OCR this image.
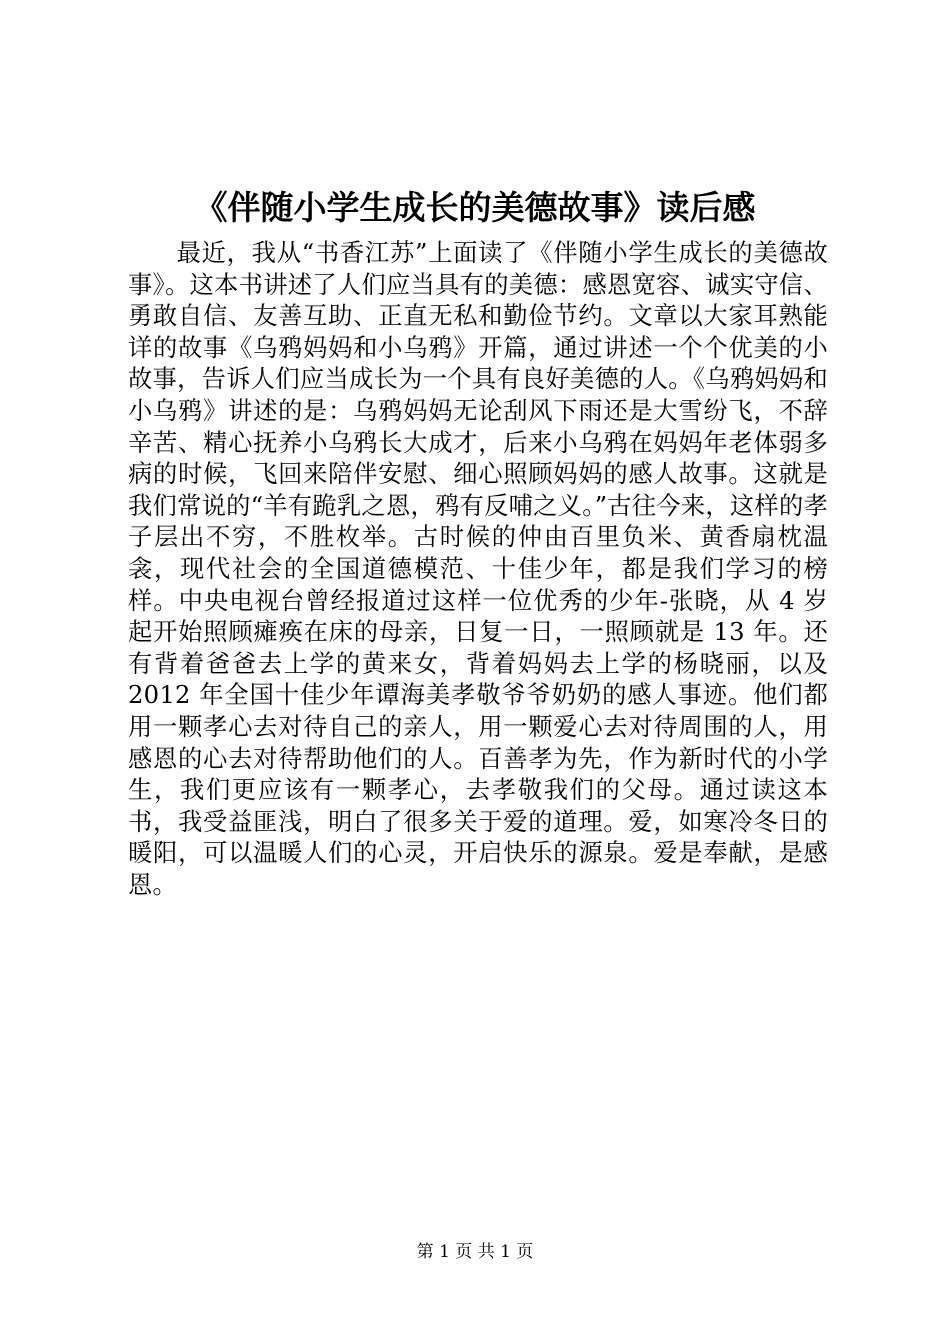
《伴随小学生成长的美德故事》读后感

最近，我从“书香江苏”上面读了《伴随小学生成长的美德故事》。这本书讲述了人们应当具有的美德：感恩宽容、诚实守信、勇敢自信、友善互助、正直无私和勤俭节约。文章以大家耳熟能详的故事《乌鸦妈妈和小乌鸦》开篇，通过讲述一个个优美的小故事，告诉人们应当成长为一个具有良好美德的人。《乌鸦妈妈和小乌鸦》讲述的是：乌鸦妈妈无论刮风下雨还是大雪纷飞，不辞辛苦、精心抚养小乌鸦长大成才，后来小乌鸦在妈妈年老体弱多病的时候，飞回来陪伴安慰、细心照顾妈妈的感人故事。这就是我们常说的“羊有跪乳之恩，鸦有反哺之义。”古往今来，这样的孝子层出不穷，不胜枚举。古时候的仲由百里负米、黄香扇枕温衾，现代社会的全国道德模范、十佳少年，都是我们学习的榜样。中央电视台曾经报道过这样一位优秀的少年-张晓，从 4 岁起开始照顾瘫痪在床的母亲，日复一日，一照顾就是 13 年。还有背着爸爸去上学的黄来女，背着妈妈去上学的杨晓丽，以及 2012 年全国十佳少年谭海美孝敬爷爷奶奶的感人事迹。他们都用一颗孝心去对待自己的亲人，用一颗爱心去对待周围的人，用感恩的心去对待帮助他们的人。百善孝为先，作为新时代的小学生，我们更应该有一颗孝心，去孝敬我们的父母。通过读这本书，我受益匪浅，明白了很多关于爱的道理。爱，如寒冷冬日的暖阳，可以温暖人们的心灵，开启快乐的源泉。爱是奉献，是感恩。

第 1 页 共 1 页
